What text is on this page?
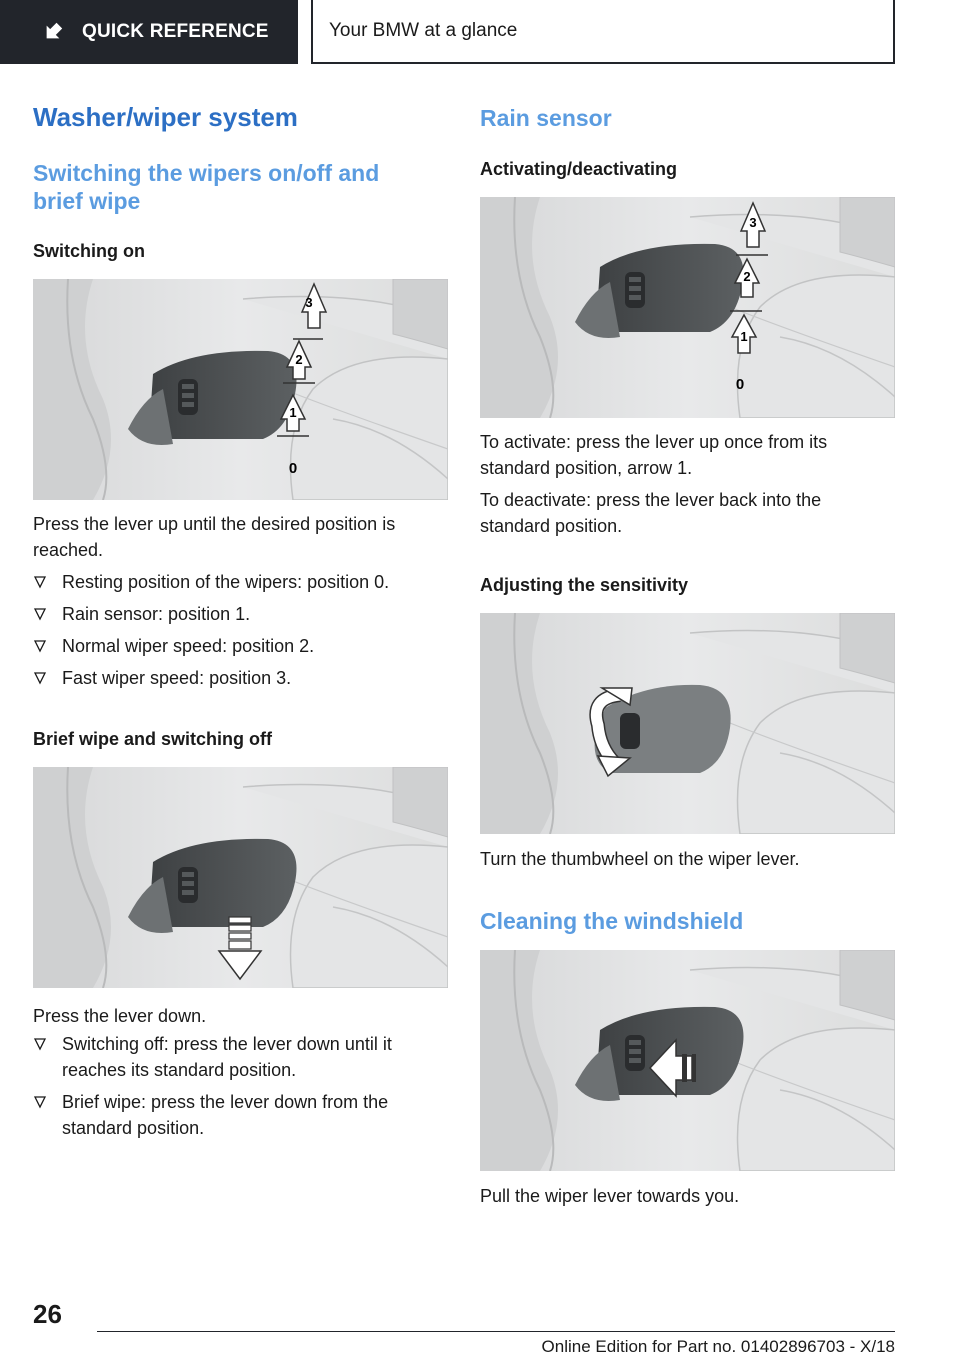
QUICK REFERENCE	Your BMW at a glance
Washer/wiper system
Switching the wipers on/off and brief wipe
Switching on
3
2
1
0

Press the lever up until the desired position is reached.

Resting position of the wipers: position 0.
Rain sensor: position 1.
Normal wiper speed: position 2.
Fast wiper speed: position 3.
Brief wipe and switching off

Press the lever down.

Switching off: press the lever down until it reaches its standard position.
Brief wipe: press the lever down from the standard position.
Rain sensor
Activating/deactivating
3
2
1
0

To activate: press the lever up once from its standard position, arrow 1.

To deactivate: press the lever back into the standard position.

Adjusting the sensitivity

Turn the thumbwheel on the wiper lever.

Cleaning the windshield

Pull the wiper lever towards you.

26
Online Edition for Part no. 01402896703 - X/18
